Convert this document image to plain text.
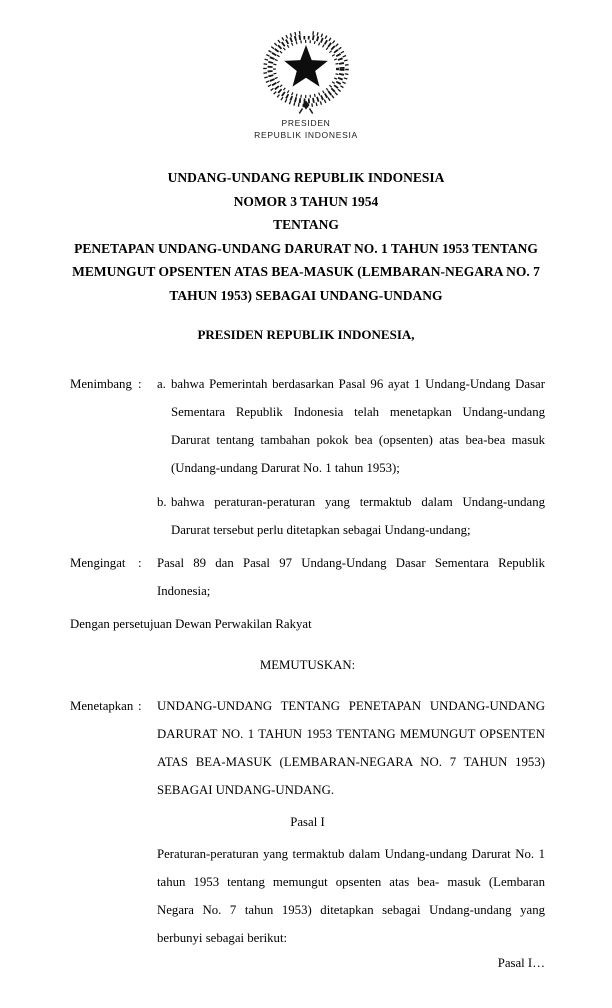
PRESIDEN
REPUBLIK INDONESIA
UNDANG-UNDANG REPUBLIK INDONESIA
NOMOR 3 TAHUN 1954
TENTANG
PENETAPAN UNDANG-UNDANG DARURAT NO. 1 TAHUN 1953 TENTANG
MEMUNGUT OPSENTEN ATAS BEA-MASUK (LEMBARAN-NEGARA NO. 7
TAHUN 1953) SEBAGAI UNDANG-UNDANG
PRESIDEN REPUBLIK INDONESIA,
Menimbang :	a. bahwa Pemerintah berdasarkan Pasal 96 ayat 1 Undang-Undang Dasar Sementara Republik Indonesia telah menetapkan Undang-undang Darurat tentang tambahan pokok bea (opsenten) atas bea-bea masuk (Undang-undang Darurat No. 1 tahun 1953);
b. bahwa peraturan-peraturan yang termaktub dalam Undang-undang Darurat tersebut perlu ditetapkan sebagai Undang-undang;
Mengingat :	Pasal 89 dan Pasal 97 Undang-Undang Dasar Sementara Republik Indonesia;

Dengan persetujuan Dewan Perwakilan Rakyat

MEMUTUSKAN:
Menetapkan :	UNDANG-UNDANG TENTANG PENETAPAN UNDANG-UNDANG DARURAT NO. 1 TAHUN 1953 TENTANG MEMUNGUT OPSENTEN ATAS BEA-MASUK (LEMBARAN-NEGARA NO. 7 TAHUN 1953) SEBAGAI UNDANG-UNDANG.
Pasal I
Peraturan-peraturan yang termaktub dalam Undang-undang Darurat No. 1 tahun 1953 tentang memungut opsenten atas bea- masuk (Lembaran Negara No. 7 tahun 1953) ditetapkan sebagai Undang-undang yang berbunyi sebagai berikut:
Pasal I…
